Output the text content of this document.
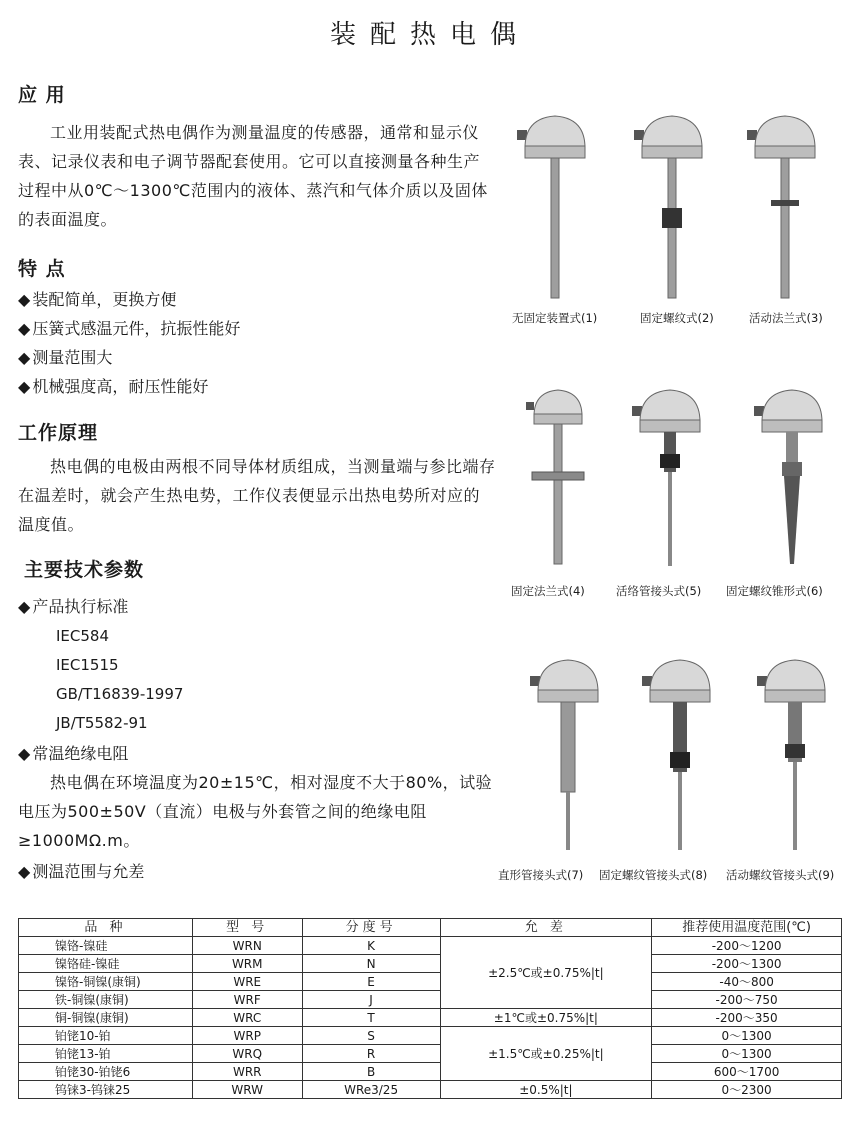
装配热电偶
应 用

工业用装配式热电偶作为测量温度的传感器，通常和显示仪表、记录仪表和电子调节器配套使用。它可以直接测量各种生产过程中从0℃～1300℃范围内的液体、蒸汽和气体介质以及固体的表面温度。

特 点
◆ 装配简单，更换方便
◆ 压簧式感温元件，抗振性能好
◆ 测量范围大
◆ 机械强度高，耐压性能好
工作原理

热电偶的电极由两根不同导体材质组成，当测量端与参比端存在温差时，就会产生热电势，工作仪表便显示出热电势所对应的温度值。

主要技术参数
◆ 产品执行标准
IEC584
IEC1515
GB/T16839-1997
JB/T5582-91
◆ 常温绝缘电阻

热电偶在环境温度为20±15℃，相对湿度不大于80%，试验电压为500±50V（直流）电极与外套管之间的绝缘电阻≥1000MΩ.m。

◆ 测温范围与允差
无固定装置式(1)	固定螺纹式(2)	活动法兰式(3)
固定法兰式(4)	活络管接头式(5) 固定螺纹锥形式(6)
直形管接头式(7) 固定螺纹管接头式(8) 活动螺纹管接头式(9)
品 种	型 号	分度号	允 差	推荐使用温度范围(℃)
镍铬-镍硅	WRN	K	±2.5℃或±0.75%|t|	-200～1200
镍铬硅-镍硅	WRM	N		-200～1300
镍铬-铜镍(康铜)	WRE	E		-40～800
铁-铜镍(康铜)	WRF	J		-200～750
铜-铜镍(康铜)	WRC	T	±1℃或±0.75%|t|	-200～350
铂铑10-铂	WRP	S	±1.5℃或±0.25%|t|	0～1300
铂铑13-铂	WRQ	R		0～1300
铂铑30-铂铑6	WRR	B		600～1700
钨铼3-钨铼25	WRW	WRe3/25	±0.5%|t|	0～2300
